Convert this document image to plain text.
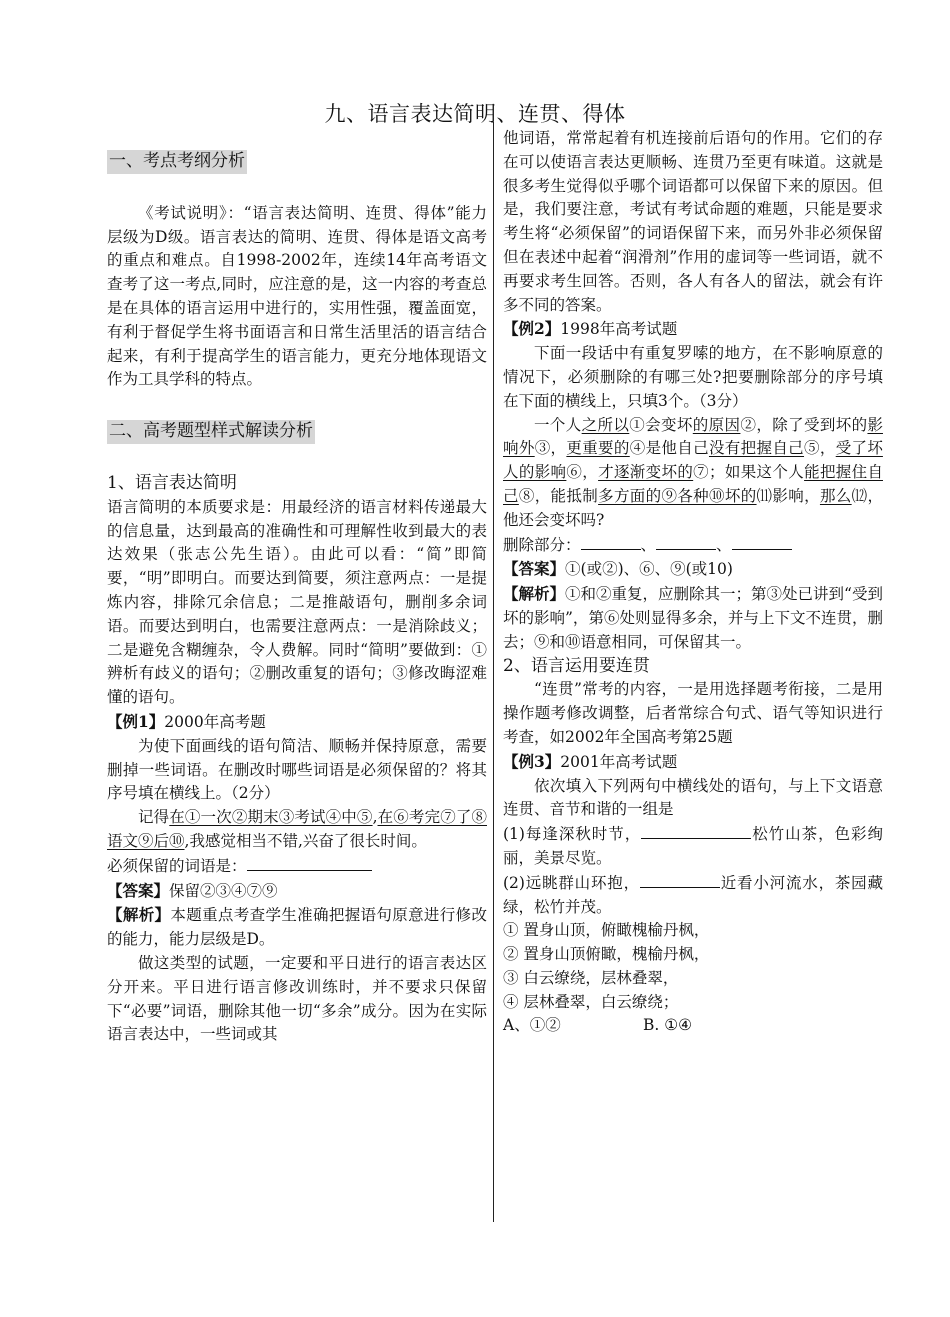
九、语言表达简明、连贯、得体
一、考点考纲分析

《考试说明》：“语言表达简明、连贯、得体”能力层级为D级。语言表达的简明、连贯、得体是语文高考的重点和难点。自1998-2002年，连续14年高考语文查考了这一考点,同时，应注意的是，这一内容的考查总是在具体的语言运用中进行的，实用性强，覆盖面宽，有利于督促学生将书面语言和日常生活里活的语言结合起来，有利于提高学生的语言能力，更充分地体现语文作为工具学科的特点。

二、高考题型样式解读分析

1、语言表达简明

语言简明的本质要求是：用最经济的语言材料传递最大的信息量，达到最高的准确性和可理解性收到最大的表达效果（张志公先生语）。由此可以看：“简”即简要，“明”即明白。而要达到简要，须注意两点：一是提炼内容，排除冗余信息；二是推敲语句，删削多余词语。而要达到明白，也需要注意两点：一是消除歧义；二是避免含糊缠杂，令人费解。同时“简明”要做到：①辨析有歧义的语句；②删改重复的语句；③修改晦涩难懂的语句。

【例1】2000年高考题

为使下面画线的语句简洁、顺畅并保持原意，需要删掉一些词语。在删改时哪些词语是必须保留的？将其序号填在横线上。（2分）

记得在①一次②期末③考试④中⑤,在⑥考完⑦了⑧语文⑨后⑩,我感觉相当不错,兴奋了很长时间。

必须保留的词语是：

【答案】保留②③④⑦⑨

【解析】本题重点考查学生准确把握语句原意进行修改的能力，能力层级是D。

做这类型的试题，一定要和平日进行的语言表达区分开来。平日进行语言修改训练时，并不要求只保留下“必要”词语，删除其他一切“多余”成分。因为在实际语言表达中，一些词或其

他词语，常常起着有机连接前后语句的作用。它们的存在可以使语言表达更顺畅、连贯乃至更有味道。这就是很多考生觉得似乎哪个词语都可以保留下来的原因。但是，我们要注意，考试有考试命题的难题，只能是要求考生将“必须保留”的词语保留下来，而另外非必须保留但在表述中起着“润滑剂”作用的虚词等一些词语，就不再要求考生回答。否则，各人有各人的留法，就会有许多不同的答案。

【例2】1998年高考试题

下面一段话中有重复罗嗦的地方，在不影响原意的情况下，必须删除的有哪三处?把要删除部分的序号填在下面的横线上，只填3个。（3分）

一个人之所以①会变坏的原因②，除了受到坏的影响外③，更重要的④是他自己没有把握自己⑤，受了坏人的影响⑥，才逐渐变坏的⑦；如果这个人能把握住自己⑧，能抵制多方面的⑨各种⑩坏的⑾影响，那么⑿，他还会变坏吗?

删除部分：	、	、

【答案】①(或②)、⑥、⑨(或10)

【解析】①和②重复，应删除其一；第③处已讲到“受到坏的影响”，第⑥处则显得多余，并与上下文不连贯，删去；⑨和⑩语意相同，可保留其一。

2、语言运用要连贯

“连贯”常考的内容，一是用选择题考衔接，二是用操作题考修改调整，后者常综合句式、语气等知识进行考查，如2002年全国高考第25题

【例3】2001年高考试题

依次填入下列两句中横线处的语句，与上下文语意连贯、音节和谐的一组是

(1)每逢深秋时节，	松竹山茶，色彩绚丽，美景尽览。

(2)远眺群山环抱，	近看小河流水，茶园藏绿，松竹并茂。

① 置身山顶，俯瞰槐榆丹枫，

② 置身山顶俯瞰，槐榆丹枫，

③ 白云缭绕，层林叠翠，

④ 层林叠翠，白云缭绕；

A、①②	B. ①④
